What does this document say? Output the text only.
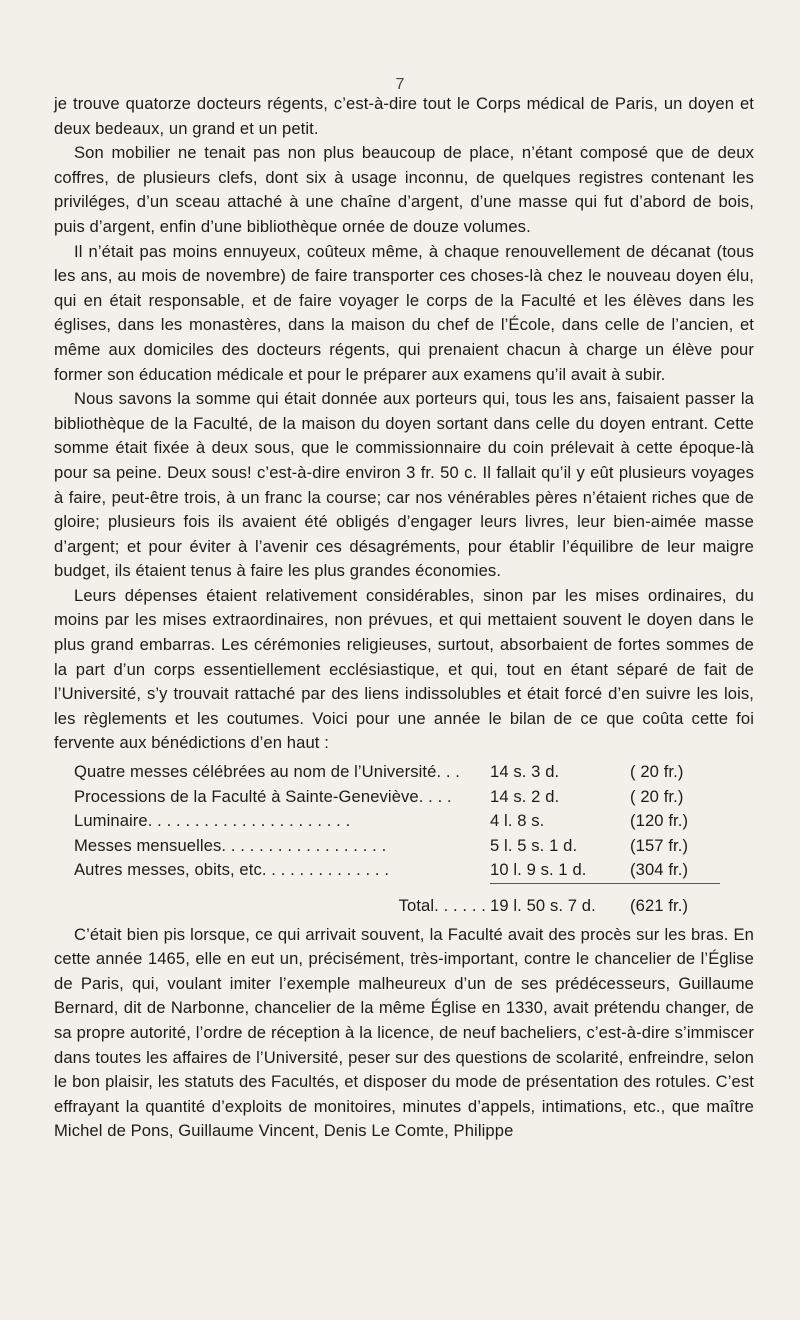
7

je trouve quatorze docteurs régents, c’est-à-dire tout le Corps médical de Paris, un doyen et deux bedeaux, un grand et un petit.

Son mobilier ne tenait pas non plus beaucoup de place, n’étant composé que de deux coffres, de plusieurs clefs, dont six à usage inconnu, de quelques registres contenant les priviléges, d’un sceau attaché à une chaîne d’argent, d’une masse qui fut d’abord de bois, puis d’argent, enfin d’une bibliothèque ornée de douze volumes.

Il n’était pas moins ennuyeux, coûteux même, à chaque renouvellement de décanat (tous les ans, au mois de novembre) de faire transporter ces choses-là chez le nouveau doyen élu, qui en était responsable, et de faire voyager le corps de la Faculté et les élèves dans les églises, dans les monastères, dans la maison du chef de l’École, dans celle de l’ancien, et même aux domiciles des docteurs régents, qui prenaient chacun à charge un élève pour former son éducation médicale et pour le préparer aux examens qu’il avait à subir.

Nous savons la somme qui était donnée aux porteurs qui, tous les ans, faisaient passer la bibliothèque de la Faculté, de la maison du doyen sortant dans celle du doyen entrant. Cette somme était fixée à deux sous, que le commissionnaire du coin prélevait à cette époque-là pour sa peine. Deux sous! c’est-à-dire environ 3 fr. 50 c. Il fallait qu’il y eût plusieurs voyages à faire, peut-être trois, à un franc la course; car nos vénérables pères n’étaient riches que de gloire; plusieurs fois ils avaient été obligés d’engager leurs livres, leur bien-aimée masse d’argent; et pour éviter à l’avenir ces désagréments, pour établir l’équilibre de leur maigre budget, ils étaient tenus à faire les plus grandes économies.

Leurs dépenses étaient relativement considérables, sinon par les mises ordinaires, du moins par les mises extraordinaires, non prévues, et qui mettaient souvent le doyen dans le plus grand embarras. Les cérémonies religieuses, surtout, absorbaient de fortes sommes de la part d’un corps essentiellement ecclésiastique, et qui, tout en étant séparé de fait de l’Université, s’y trouvait rattaché par des liens indissolubles et était forcé d’en suivre les lois, les règlements et les coutumes. Voici pour une année le bilan de ce que coûta cette foi fervente aux bénédictions d’en haut :

Quatre messes célébrées au nom de l’Université. . .	14 s. 3 d.	( 20 fr.)
Processions de la Faculté à Sainte-Geneviève. . . .	14 s. 2 d.	( 20 fr.)
Luminaire. . . . . . . . . . . . . . . . . . . . . .	4 l. 8 s.	(120 fr.)
Messes mensuelles. . . . . . . . . . . . . . . . . .	5 l. 5 s. 1 d.	(157 fr.)
Autres messes, obits, etc. . . . . . . . . . . . . .	10 l. 9 s. 1 d.	(304 fr.)
Total. . . . . .	19 l. 50 s. 7 d.	(621 fr.)

C’était bien pis lorsque, ce qui arrivait souvent, la Faculté avait des procès sur les bras. En cette année 1465, elle en eut un, précisément, très-important, contre le chancelier de l’Église de Paris, qui, voulant imiter l’exemple malheureux d’un de ses prédécesseurs, Guillaume Bernard, dit de Narbonne, chancelier de la même Église en 1330, avait prétendu changer, de sa propre autorité, l’ordre de réception à la licence, de neuf bacheliers, c’est-à-dire s’immiscer dans toutes les affaires de l’Université, peser sur des questions de scolarité, enfreindre, selon le bon plaisir, les statuts des Facultés, et disposer du mode de présentation des rotules. C’est effrayant la quantité d’exploits de monitoires, minutes d’appels, intimations, etc., que maître Michel de Pons, Guillaume Vincent, Denis Le Comte, Philippe
